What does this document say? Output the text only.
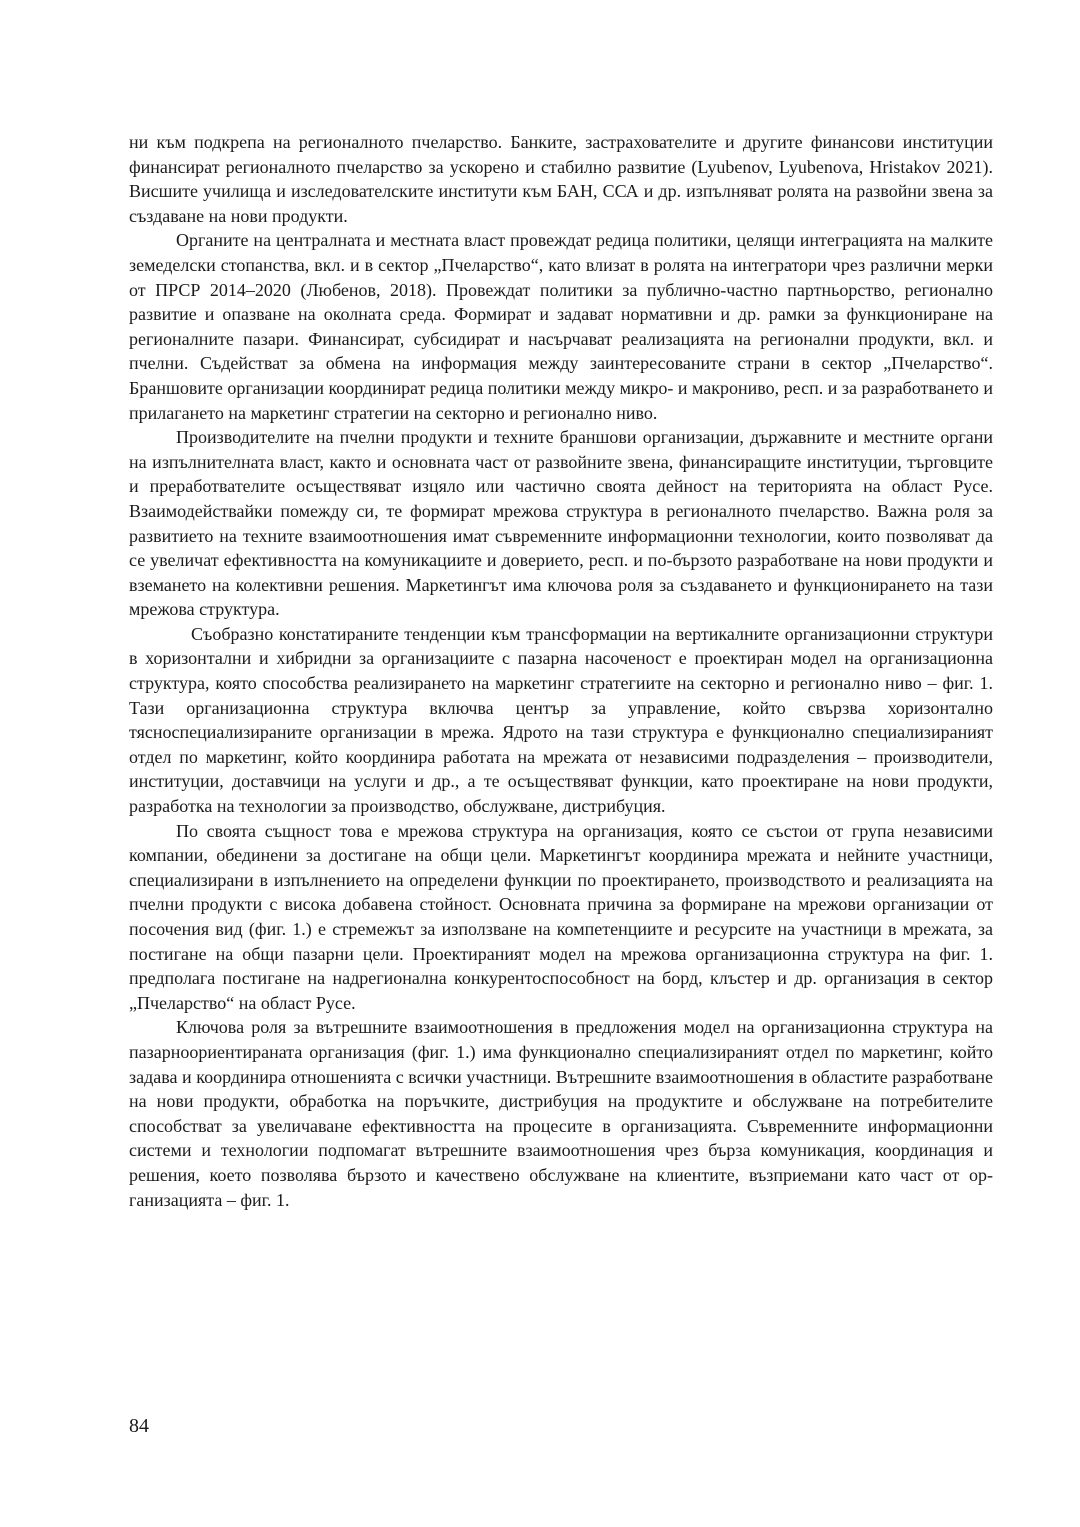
ни към подкрепа на регионалното пчеларство. Банките, застрахователите и другите финансови институции финансират регионалното пчеларство за ускорено и стабилно развитие (Lyubenov, Lyubenova, Hristakov 2021). Висшите училища и изследователските институти към БАН, ССА и др. изпълняват ролята на развойни звена за създаване на нови продукти.

Органите на централната и местната власт провеждат редица политики, целящи интеграцията на малките земеделски стопанства, вкл. и в сектор „Пчеларство“, като влизат в ролята на интегратори чрез различни мерки от ПРСР 2014–2020 (Любенов, 2018). Провеждат политики за публично-частно партньорство, регионално развитие и опазване на околната среда. Формират и задават нормативни и др. рамки за функциониране на регионалните пазари. Финансират, субсидират и насърчават реализацията на регионални продукти, вкл. и пчелни. Съдействат за обмена на информация между заинтересованите страни в сектор „Пчеларство“. Браншовите организации координират редица политики между микро- и макрониво, респ. и за разработването и прилагането на маркетинг стратегии на секторно и регионално ниво.

Производителите на пчелни продукти и техните браншови организации, държавните и местните органи на изпълнителната власт, както и основната част от развойните звена, финансиращите институции, търговците и преработвателите осъществяват изцяло или частично своята дейност на територията на област Русе. Взаимодействайки помежду си, те формират мрежова структура в регионалното пчеларство. Важна роля за развитието на техните взаимоотношения имат съвременните информационни технологии, които позволяват да се увеличат ефективността на комуникациите и доверието, респ. и по-бързото разработване на нови продукти и вземането на колективни решения. Маркетингът има ключова роля за създаването и функционирането на тази мрежова структура.

Съобразно констатираните тенденции към трансформации на вертикалните организационни структури в хоризонтални и хибридни за организациите с пазарна насоченост е проектиран модел на организационна структура, която способства реализирането на маркетинг стратегиите на секторно и регионално ниво – фиг. 1. Тази организационна структура включва център за управление, който свързва хоризонтално тяснoспециализираните организации в мрежа. Ядрото на тази структура е функционално специализираният отдел по маркетинг, който координира работата на мрежата от независими подразделения – производители, институции, доставчици на услуги и др., а те осъществяват функции, като проектиране на нови продукти, разработка на технологии за производство, обслужване, дистрибуция.

По своята същност това е мрежова структура на организация, която се състои от група независими компании, обединени за достигане на общи цели. Маркетингът координира мрежата и нейните участници, специализирани в изпълнението на определени функции по проектирането, производството и реализацията на пчелни продукти с висока добавена стойност. Основната причина за формиране на мрежови организации от посочения вид (фиг. 1.) е стремежът за използване на компетенциите и ресурсите на участници в мрежата, за постигане на общи пазарни цели. Проектираният модел на мрежова организационна структура на фиг. 1. предполага постигане на надрегионална конкурентоспособност на борд, клъстер и др. организация в сектор „Пчеларство“ на област Русе.

Ключова роля за вътрешните взаимоотношения в предложения модел на организационна структура на пазарноориентираната организация (фиг. 1.) има функционално специализираният отдел по маркетинг, който задава и координира отношенията с всички участници. Вътрешните взаимоотношения в областите разработване на нови продукти, обработка на поръчките, дистрибуция на продуктите и обслужване на потребителите способстват за увеличаване ефективността на процесите в организацията. Съвременните информационни системи и технологии подпомагат вътрешните взаимоотношения чрез бърза комуникация, координация и решения, което позволява бързото и качествено обслужване на клиентите, възприемани като част от организацията – фиг. 1.

84
